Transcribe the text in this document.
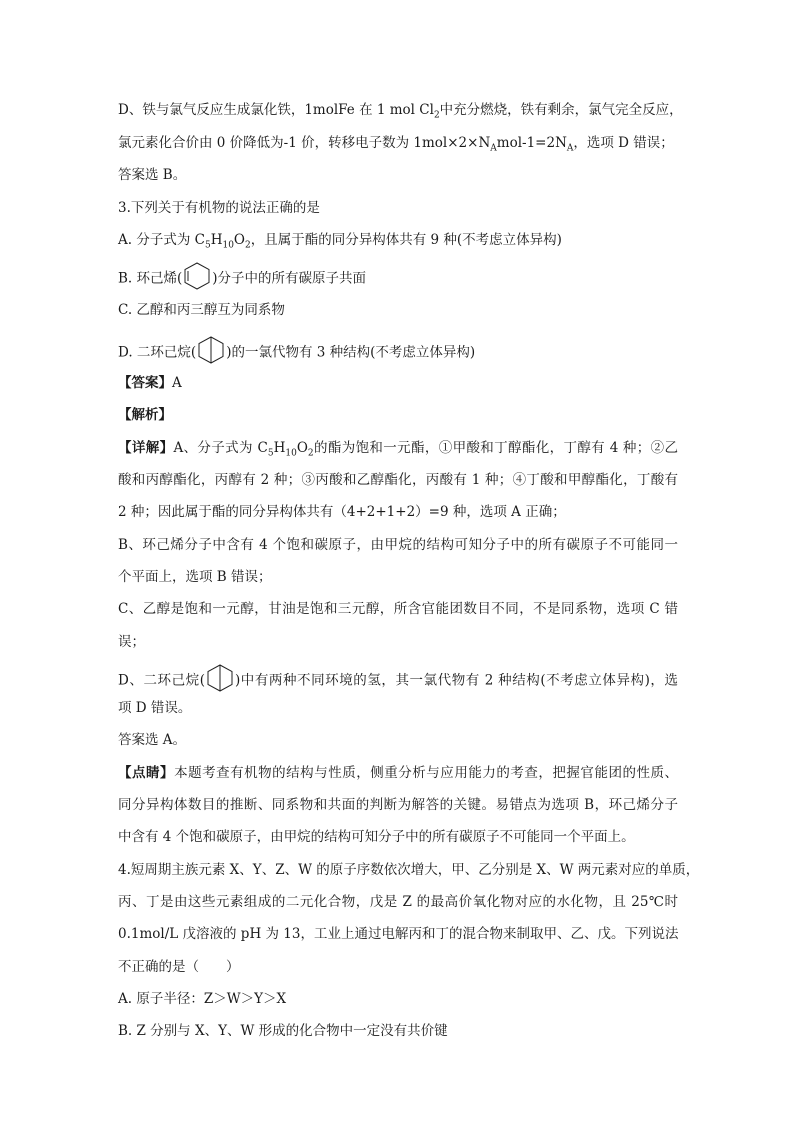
D、铁与氯气反应生成氯化铁，1molFe 在 1 mol $Cl_2$中充分燃烧，铁有剩余，氯气完全反应，
氯元素化合价由 0 价降低为-1 价，转移电子数为 $1mol\times 2\times N_Amol-1=2N_A$，选项 D 错误；
答案选 B。
3.下列关于有机物的说法正确的是
A. 分子式为 $C_5H_{10}O_2$，且属于酯的同分异构体共有 9 种(不考虑立体异构)
B. 环己烯( )分子中的所有碳原子共面
C. 乙醇和丙三醇互为同系物
D. 二环己烷( )的一氯代物有 3 种结构(不考虑立体异构)
【答案】A
【解析】
【详解】A、分子式为 $C_5H_{10}O_2$的酯为饱和一元酯，①甲酸和丁醇酯化，丁醇有 4 种；②乙
酸和丙醇酯化，丙醇有 2 种；③丙酸和乙醇酯化，丙酸有 1 种；④丁酸和甲醇酯化，丁酸有
2 种；因此属于酯的同分异构体共有（4+2+1+2）=9 种，选项 A 正确；
B、环己烯分子中含有 4 个饱和碳原子，由甲烷的结构可知分子中的所有碳原子不可能同一
个平面上，选项 B 错误；
C、乙醇是饱和一元醇，甘油是饱和三元醇，所含官能团数目不同，不是同系物，选项 C 错
误；
D、二环己烷( )中有两种不同环境的氢，其一氯代物有 2 种结构(不考虑立体异构)，选
项 D 错误。
答案选 A。
【点睛】本题考查有机物的结构与性质，侧重分析与应用能力的考查，把握官能团的性质、
同分异构体数目的推断、同系物和共面的判断为解答的关键。易错点为选项 B，环己烯分子
中含有 4 个饱和碳原子，由甲烷的结构可知分子中的所有碳原子不可能同一个平面上。
4.短周期主族元素 X、Y、Z、W 的原子序数依次增大，甲、乙分别是 X、W 两元素对应的单质，
丙、丁是由这些元素组成的二元化合物，戊是 Z 的最高价氧化物对应的水化物，且 25℃时
0.1mol/L 戊溶液的 pH 为 13，工业上通过电解丙和丁的混合物来制取甲、乙、戊。下列说法
不正确的是（　　）
A. 原子半径：Z＞W＞Y＞X
B. Z 分别与 X、Y、W 形成的化合物中一定没有共价键
